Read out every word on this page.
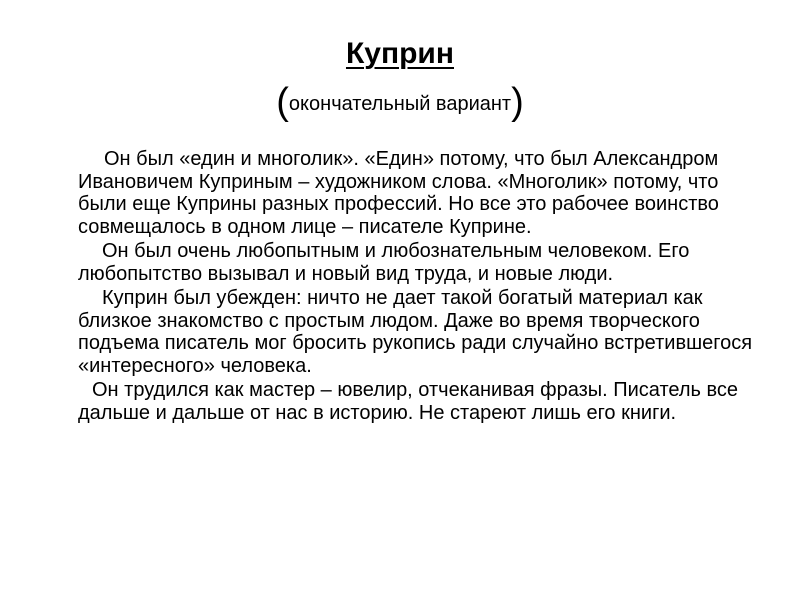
Куприн
(окончательный вариант)

Он был «един и многолик». «Един» потому, что был Александром Ивановичем Куприным – художником слова. «Многолик» потому, что были еще Куприны разных профессий. Но все это рабочее воинство совмещалось в одном лице – писателе Куприне.

Он был очень любопытным и любознательным человеком. Его любопытство вызывал и новый вид труда, и новые люди.

Куприн был убежден: ничто не дает такой богатый материал как близкое знакомство с простым людом. Даже во время творческого подъема писатель мог бросить рукопись ради случайно встретившегося «интересного» человека.

Он трудился как мастер – ювелир, отчеканивая фразы. Писатель все дальше и дальше от нас в историю. Не стареют лишь его книги.
